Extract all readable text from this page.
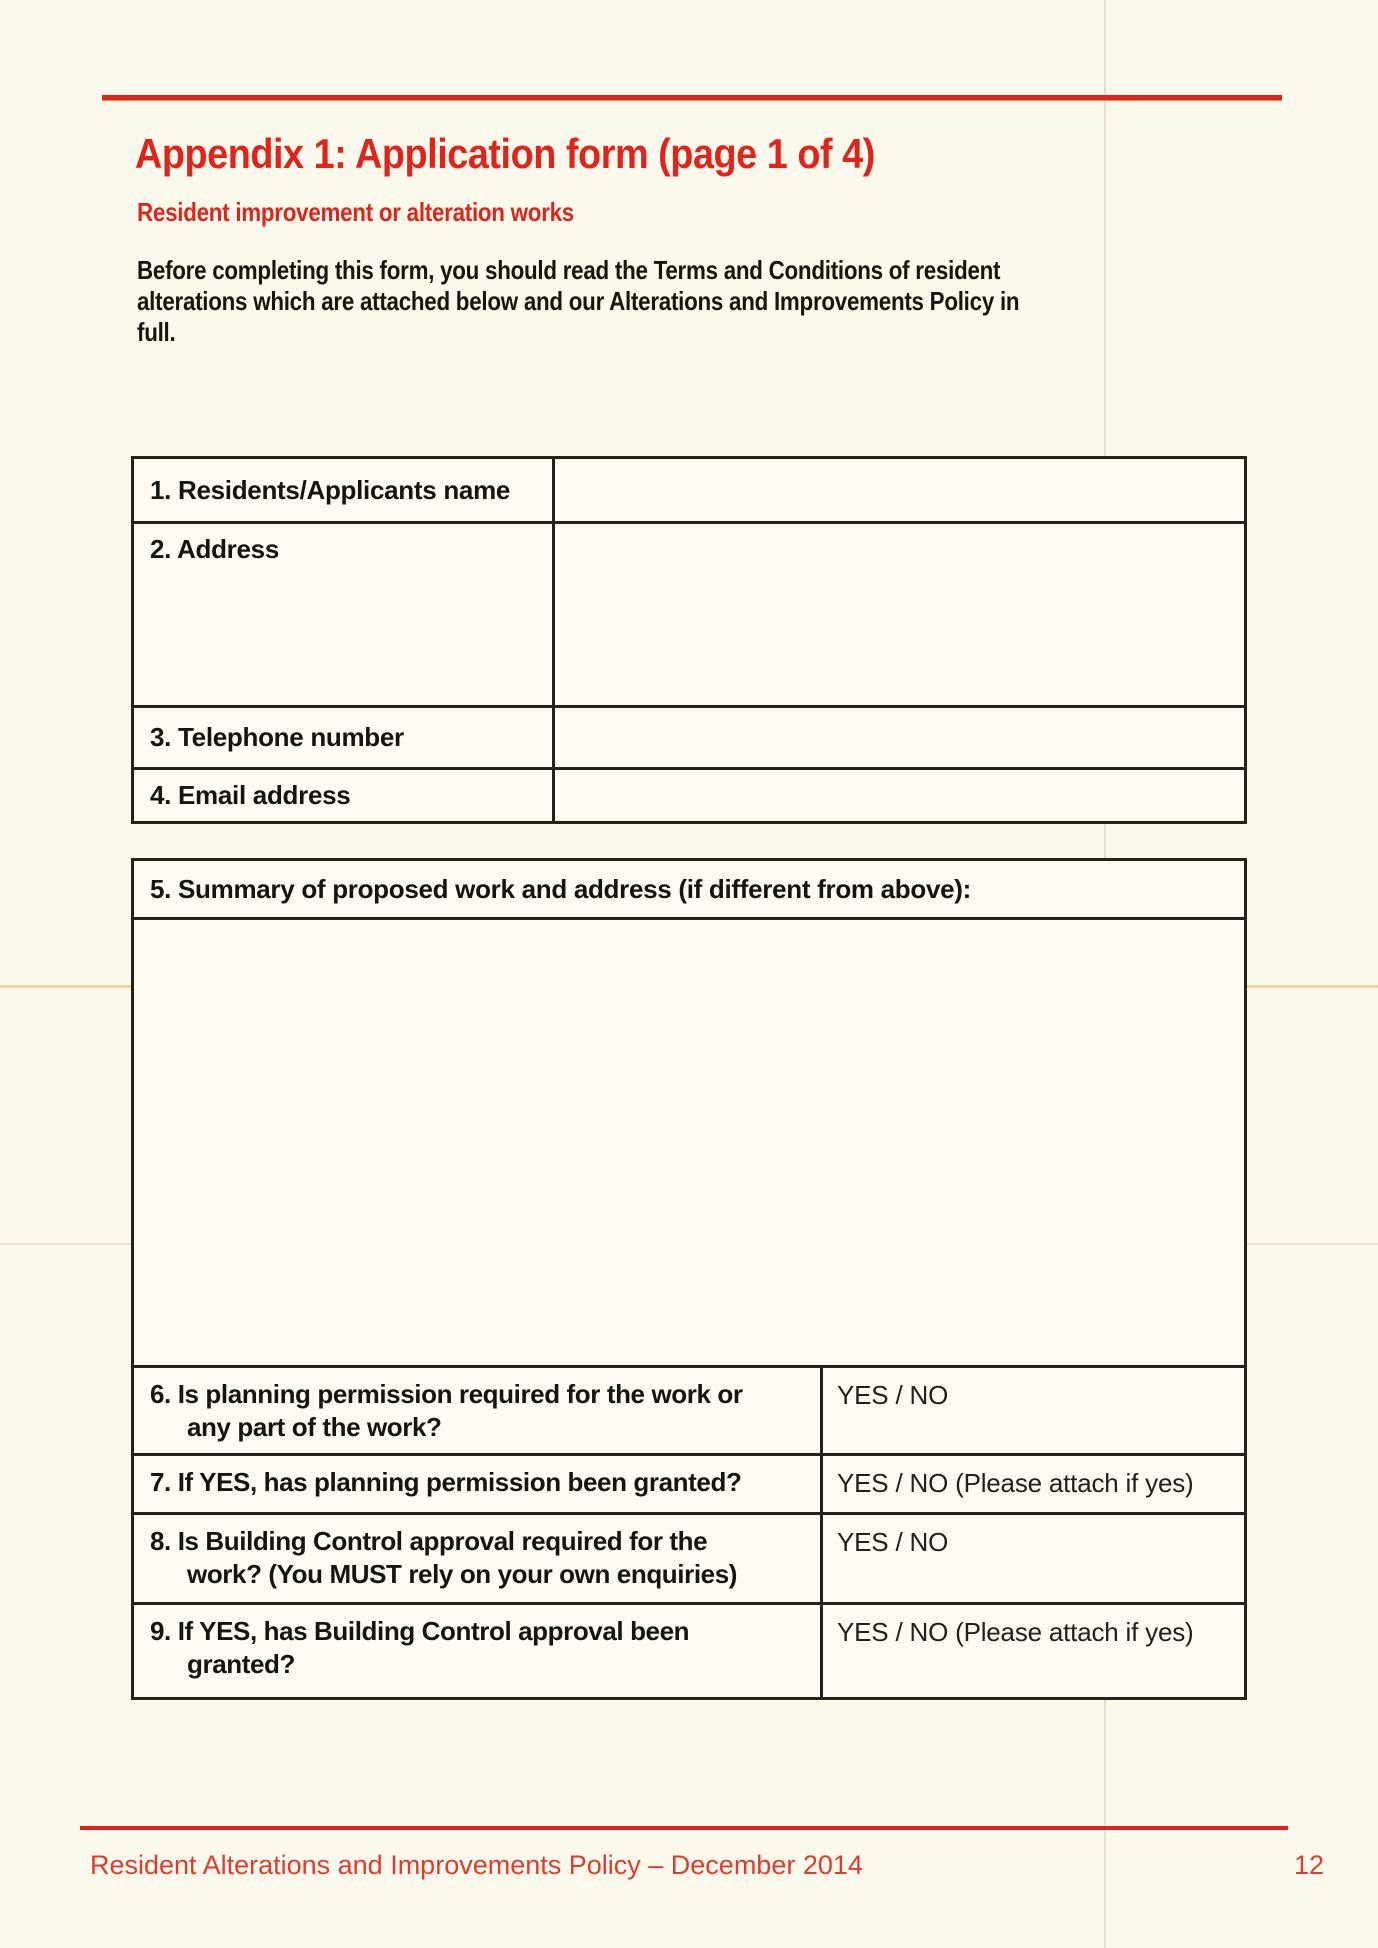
Appendix 1: Application form (page 1 of 4)
Resident improvement or alteration works
Before completing this form, you should read the Terms and Conditions of resident
alterations which are attached below and our Alterations and Improvements Policy in
full.
1. Residents/Applicants name
2. Address
3. Telephone number
4. Email address
5. Summary of proposed work and address (if different from above):
6. Is planning permission required for the work or
any part of the work?
YES / NO
7. If YES, has planning permission been granted?	YES / NO (Please attach if yes)
8. Is Building Control approval required for the
work? (You MUST rely on your own enquiries)
YES / NO
9. If YES, has Building Control approval been
granted?
YES / NO (Please attach if yes)
Resident Alterations and Improvements Policy – December 2014	12
